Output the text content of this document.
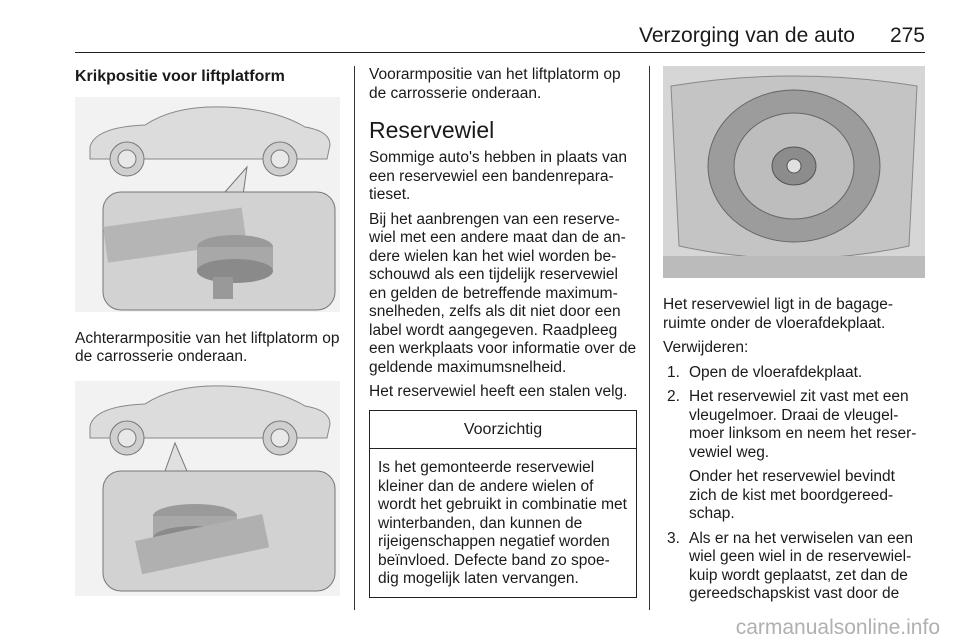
Verzorging van de auto 275
Krikpositie voor liftplatform

Achterarmpositie van het liftplatorm op de carrosserie onderaan.

Voorarmpositie van het liftplatorm op de carrosserie onderaan.

Reservewiel

Sommige auto's hebben in plaats van een reservewiel een bandenrepara-tieset.

Bij het aanbrengen van een reserve-wiel met een andere maat dan de an-dere wielen kan het wiel worden be-schouwd als een tijdelijk reservewiel en gelden de betreffende maximum-snelheden, zelfs als dit niet door een label wordt aangegeven. Raadpleeg een werkplaats voor informatie over de geldende maximumsnelheid.

Het reservewiel heeft een stalen velg.

Voorzichtig
Is het gemonteerde reservewiel kleiner dan de andere wielen of wordt het gebruikt in combinatie met winterbanden, dan kunnen de rijeigenschappen negatief worden beïnvloed. Defecte band zo spoe-dig mogelijk laten vervangen.

Het reservewiel ligt in de bagage-ruimte onder de vloerafdekplaat.

Verwijderen:

1. Open de vloerafdekplaat.
2. Het reservewiel zit vast met een vleugelmoer. Draai de vleugel-moer linksom en neem het reser-vewiel weg.

Onder het reservewiel bevindt zich de kist met boordgereed-schap.

3. Als er na het verwiselen van een wiel geen wiel in de reservewiel-kuip wordt geplaatst, zet dan de gereedschapskist vast door de
carmanualsonline.info
